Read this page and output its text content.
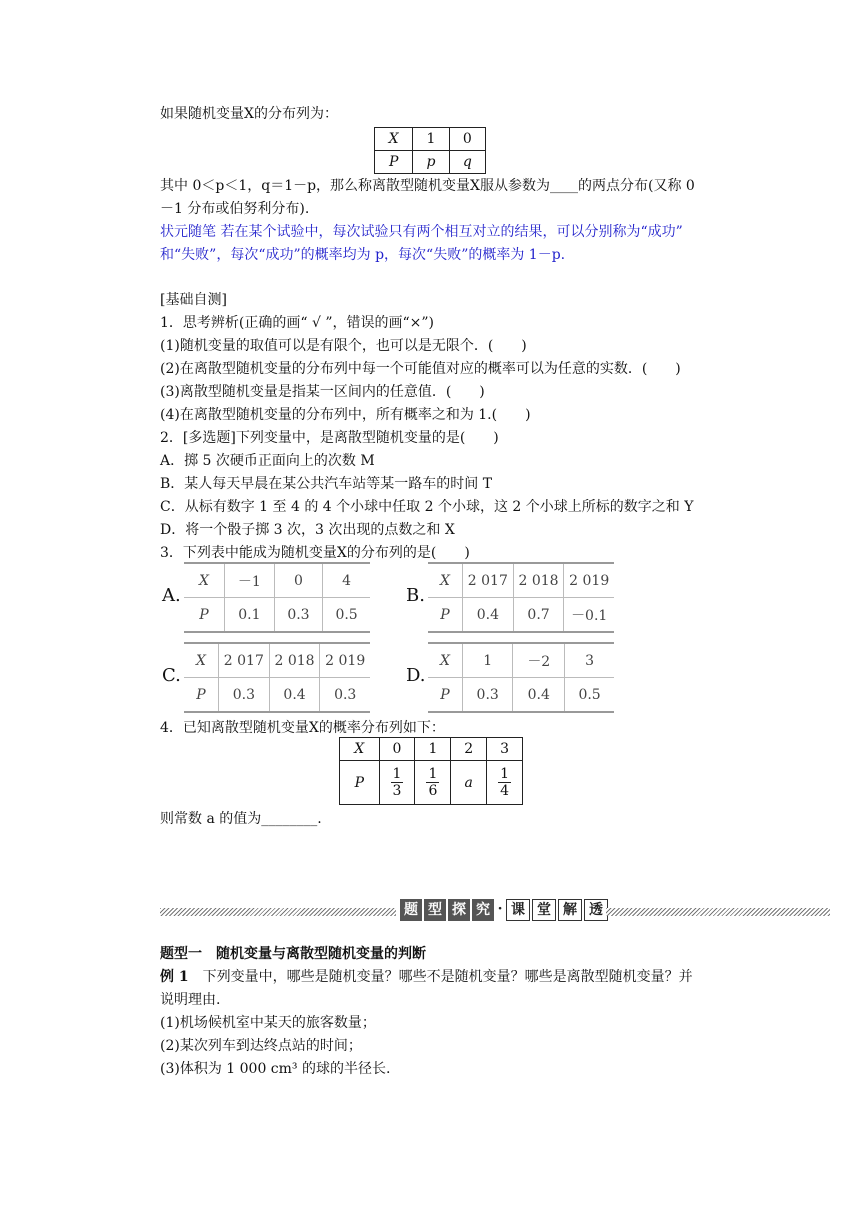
如果随机变量X的分布列为：
X	1	0
P	p	q
其中 0＜p＜1，q＝1－p，那么称离散型随机变量X服从参数为____的两点分布(又称 0
－1 分布或伯努利分布).
状元随笔 若在某个试验中，每次试验只有两个相互对立的结果，可以分别称为“成功”
和“失败”，每次“成功”的概率均为 p，每次“失败”的概率为 1－p.
[基础自测]
1．思考辨析(正确的画“ √ ”，错误的画“×”)
(1)随机变量的取值可以是有限个，也可以是无限个．(　　)
(2)在离散型随机变量的分布列中每一个可能值对应的概率可以为任意的实数．(　　)
(3)离散型随机变量是指某一区间内的任意值．(　　)
(4)在离散型随机变量的分布列中，所有概率之和为 1.(　　)
2．[多选题]下列变量中，是离散型随机变量的是(　　)
A．掷 5 次硬币正面向上的次数 M
B．某人每天早晨在某公共汽车站等某一路车的时间 T
C．从标有数字 1 至 4 的 4 个小球中任取 2 个小球，这 2 个小球上所标的数字之和 Y
D．将一个骰子掷 3 次，3 次出现的点数之和 X
3．下列表中能成为随机变量X的分布列的是(　　)
A.
X	－1	0	4
P	0.1	0.3	0.5
B.
X	2 017	2 018	2 019
P	0.4	0.7	－0.1
C.
X	2 017	2 018	2 019
P	0.3	0.4	0.3
D.
X	1	－2	3
P	0.3	0.4	0.5
4．已知离散型随机变量X的概率分布列如下：
X	0	1	2	3
P	$\frac{1}{3}$	$\frac{1}{6}$	a	$\frac{1}{4}$
则常数 a 的值为________.
题 型 探 究 · 课 堂 解 透
题型一　随机变量与离散型随机变量的判断
例 1　 下列变量中，哪些是随机变量？哪些不是随机变量？哪些是离散型随机变量？并
说明理由.
(1)机场候机室中某天的旅客数量；
(2)某次列车到达终点站的时间；
(3)体积为 1 000 cm³ 的球的半径长.
